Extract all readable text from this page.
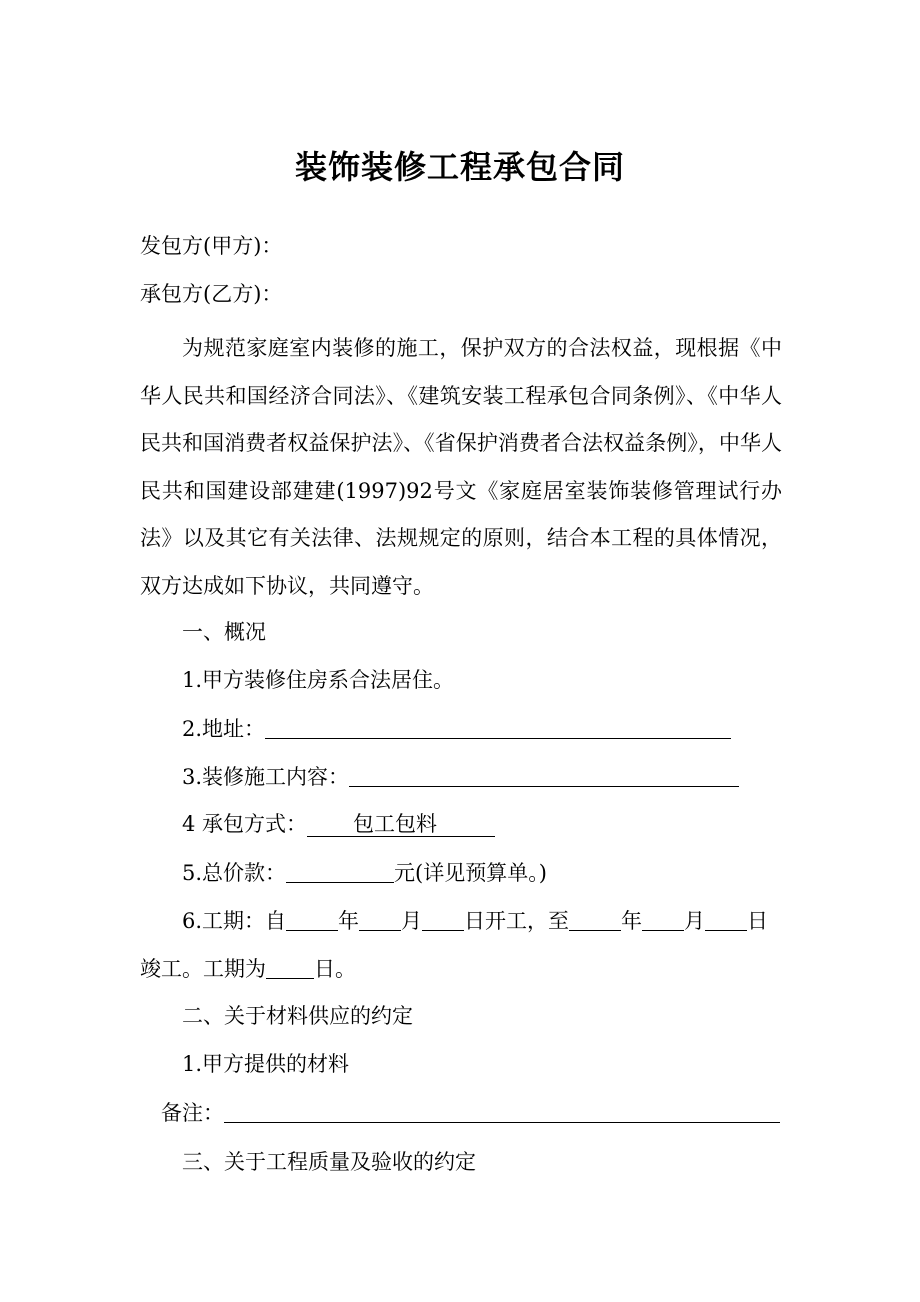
装饰装修工程承包合同
发包方(甲方)：
承包方(乙方)：
为规范家庭室内装修的施工，保护双方的合法权益，现根据《中华人民共和国经济合同法》、《建筑安装工程承包合同条例》、《中华人民共和国消费者权益保护法》、《省保护消费者合法权益条例》，中华人民共和国建设部建建(1997)92号文《家庭居室装饰装修管理试行办法》以及其它有关法律、法规规定的原则，结合本工程的具体情况，双方达成如下协议，共同遵守。
一、概况
1.甲方装修住房系合法居住。
2.地址：
3.装修施工内容：
4 承包方式： 包工包料
5.总价款：	元(详见预算单。)
6.工期：自 年 月 日开工，至 年 月 日
竣工。工期为 日。
二、关于材料供应的约定
1.甲方提供的材料
备注：
三、关于工程质量及验收的约定
